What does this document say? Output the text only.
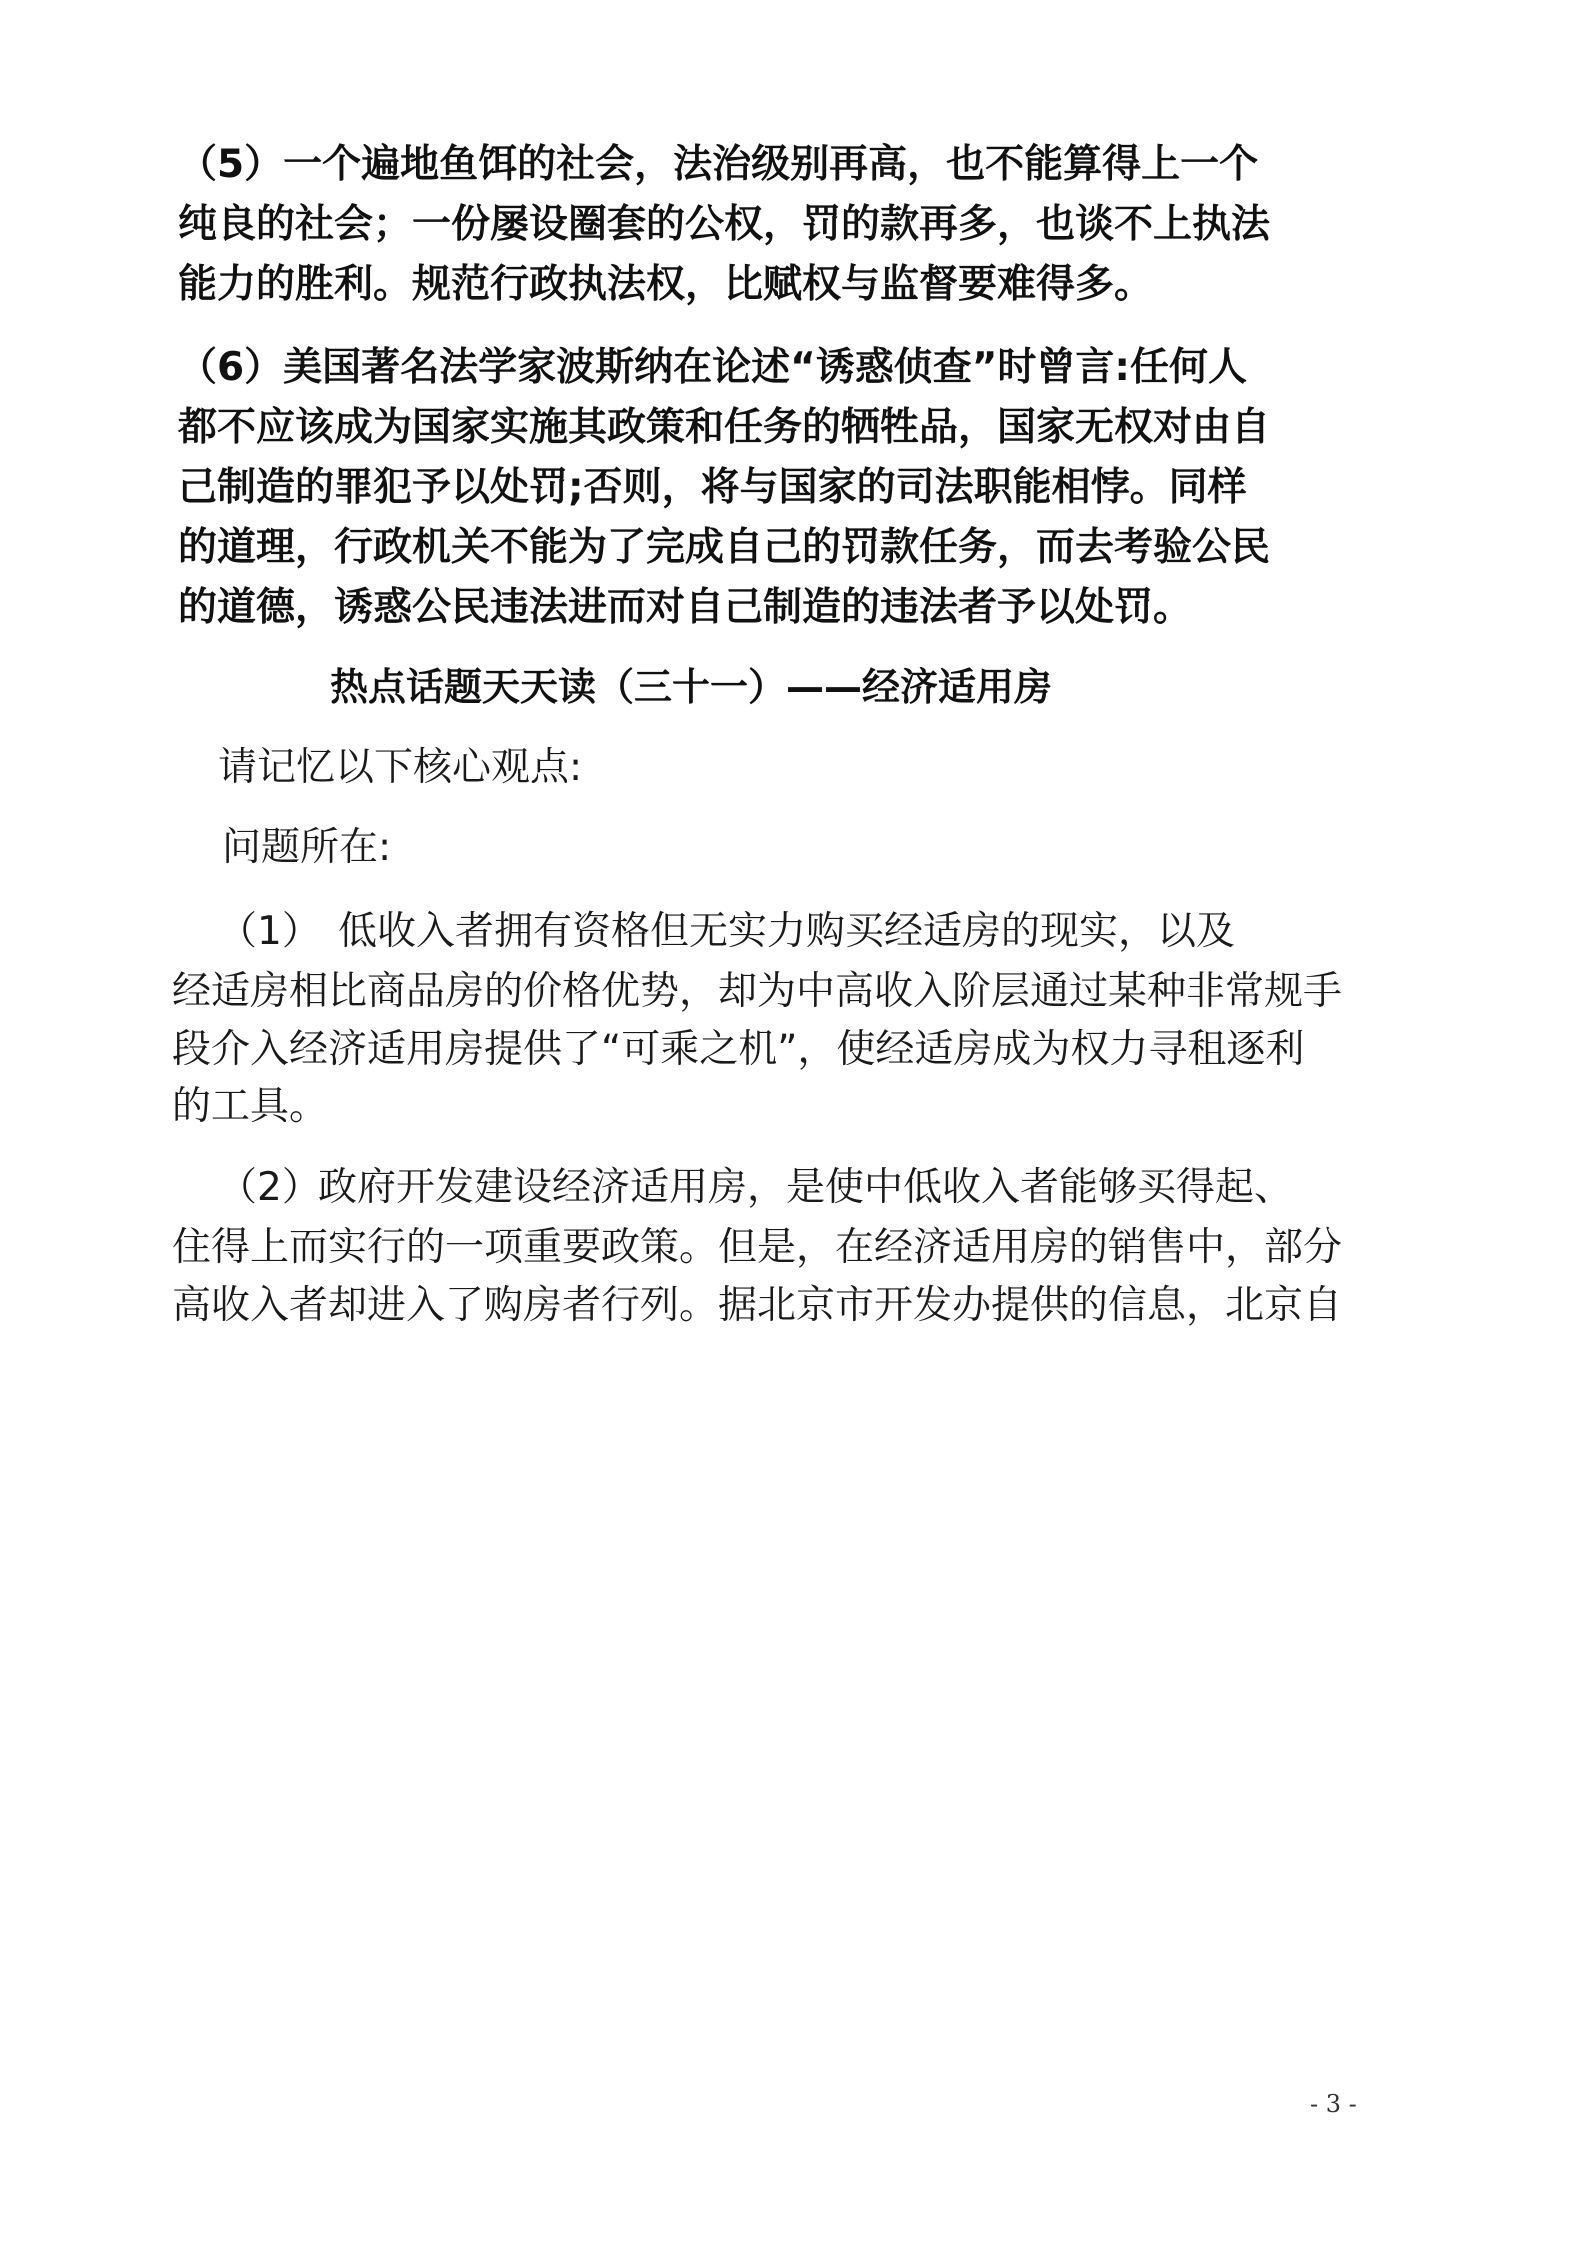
（5）一个遍地鱼饵的社会，法治级别再高，也不能算得上一个
纯良的社会；一份屡设圈套的公权，罚的款再多，也谈不上执法
能力的胜利。规范行政执法权，比赋权与监督要难得多。
（6）美国著名法学家波斯纳在论述“诱惑侦查”时曾言:任何人
都不应该成为国家实施其政策和任务的牺牲品，国家无权对由自
己制造的罪犯予以处罚;否则，将与国家的司法职能相悖。同样
的道理，行政机关不能为了完成自己的罚款任务，而去考验公民
的道德，诱惑公民违法进而对自己制造的违法者予以处罚。
热点话题天天读（三十一）——经济适用房
请记忆以下核心观点:
问题所在:
（1） 低收入者拥有资格但无实力购买经适房的现实，以及
经适房相比商品房的价格优势，却为中高收入阶层通过某种非常规手
段介入经济适用房提供了“可乘之机”，使经适房成为权力寻租逐利
的工具。
（2）
政府开发建设经济适用房，是使中低收入者能够买得起、
住得上而实行的一项重要政策。但是，在经济适用房的销售中，部分
高收入者却进入了购房者行列。据北京市开发办提供的信息，北京自
- 3 -
